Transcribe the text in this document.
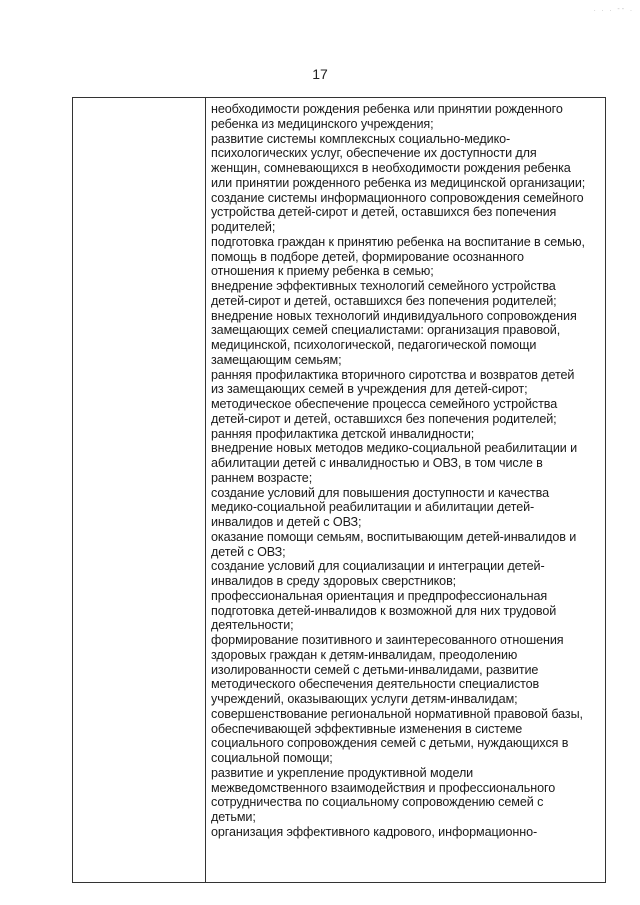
. . . -- .
17
необходимости рождения ребенка или принятии рожденного
ребенка из медицинского учреждения;
развитие системы комплексных социально-медико-
психологических услуг, обеспечение их доступности для
женщин, сомневающихся в необходимости рождения ребенка
или принятии рожденного ребенка из медицинской организации;
создание системы информационного сопровождения семейного
устройства детей-сирот и детей, оставшихся без попечения
родителей;
подготовка граждан к принятию ребенка на воспитание в семью,
помощь в подборе детей, формирование осознанного
отношения к приему ребенка в семью;
внедрение эффективных технологий семейного устройства
детей-сирот и детей, оставшихся без попечения родителей;
внедрение новых технологий индивидуального сопровождения
замещающих семей специалистами: организация правовой,
медицинской, психологической, педагогической помощи
замещающим семьям;
ранняя профилактика вторичного сиротства и возвратов детей
из замещающих семей в учреждения для детей-сирот;
методическое обеспечение процесса семейного устройства
детей-сирот и детей, оставшихся без попечения родителей;
ранняя профилактика детской инвалидности;
внедрение новых методов медико-социальной реабилитации и
абилитации детей с инвалидностью и ОВЗ, в том числе в
раннем возрасте;
создание условий для повышения доступности и качества
медико-социальной реабилитации и абилитации детей-
инвалидов и детей с ОВЗ;
оказание помощи семьям, воспитывающим детей-инвалидов и
детей с ОВЗ;
создание условий для социализации и интеграции детей-
инвалидов в среду здоровых сверстников;
профессиональная ориентация и предпрофессиональная
подготовка детей-инвалидов к возможной для них трудовой
деятельности;
формирование позитивного и заинтересованного отношения
здоровых граждан к детям-инвалидам, преодолению
изолированности семей с детьми-инвалидами, развитие
методического обеспечения деятельности специалистов
учреждений, оказывающих услуги детям-инвалидам;
совершенствование региональной нормативной правовой базы,
обеспечивающей эффективные изменения в системе
социального сопровождения семей с детьми, нуждающихся в
социальной помощи;
развитие и укрепление продуктивной модели
межведомственного взаимодействия и профессионального
сотрудничества по социальному сопровождению семей с
детьми;
организация эффективного кадрового, информационно-
